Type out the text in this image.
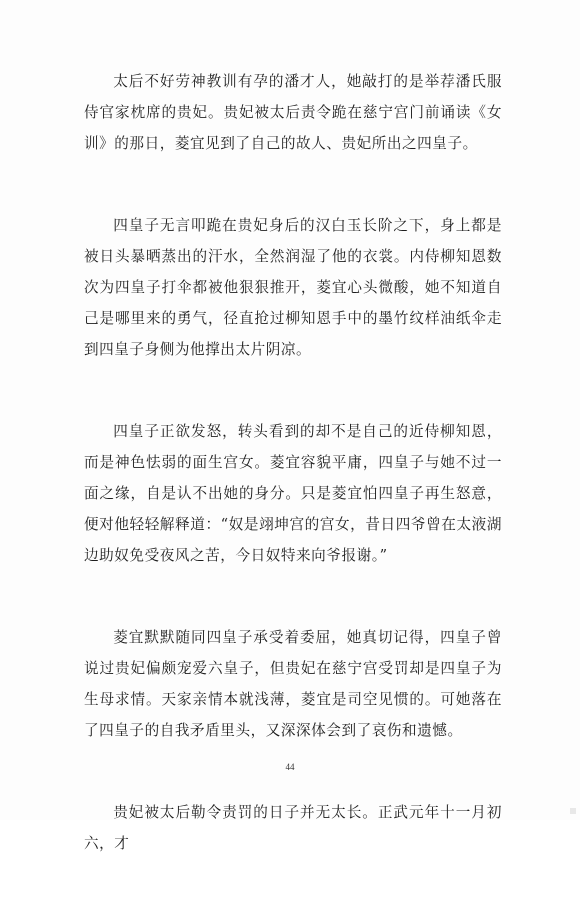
太后不好劳神教训有孕的潘才人，她敲打的是举荐潘氏服侍官家枕席的贵妃。贵妃被太后责令跪在慈宁宫门前诵读《女训》的那日，菱宜见到了自己的故人、贵妃所出之四皇子。

四皇子无言叩跪在贵妃身后的汉白玉长阶之下，身上都是被日头暴晒蒸出的汗水，全然润湿了他的衣裳。内侍柳知恩数次为四皇子打伞都被他狠狠推开，菱宜心头微酸，她不知道自己是哪里来的勇气，径直抢过柳知恩手中的墨竹纹样油纸伞走到四皇子身侧为他撑出太片阴凉。

四皇子正欲发怒，转头看到的却不是自己的近侍柳知恩，而是神色怯弱的面生宫女。菱宜容貌平庸，四皇子与她不过一面之缘，自是认不出她的身分。只是菱宜怕四皇子再生怒意，便对他轻轻解释道：“奴是翊坤宫的宫女，昔日四爷曾在太液湖边助奴免受夜风之苦，今日奴特来向爷报谢。”

菱宜默默随同四皇子承受着委屈，她真切记得，四皇子曾说过贵妃偏颇宠爱六皇子，但贵妃在慈宁宫受罚却是四皇子为生母求情。天家亲情本就浅薄，菱宜是司空见惯的。可她落在了四皇子的自我矛盾里头，又深深体会到了哀伤和遗憾。

贵妃被太后勒令责罚的日子并无太长。正武元年十一月初六，才

44
